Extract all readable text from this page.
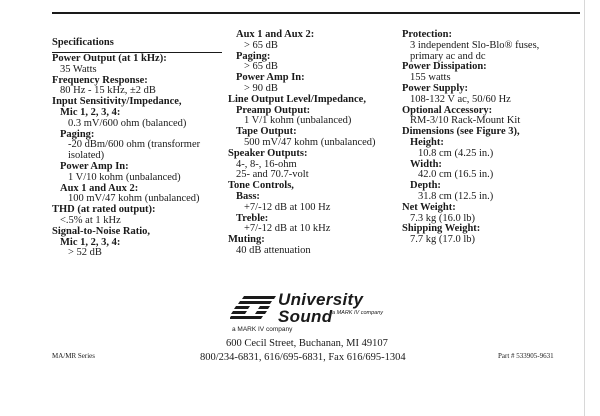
Specifications
Power Output (at 1 kHz):
35 Watts
Frequency Response:
80 Hz - 15 kHz, ±2 dB
Input Sensitivity/Impedance,
Mic 1, 2, 3, 4:
0.3 mV/600 ohm (balanced)
Paging:
-20 dBm/600 ohm (transformer
isolated)
Power Amp In:
1 V/10 kohm (unbalanced)
Aux 1 and Aux 2:
100 mV/47 kohm (unbalanced)
THD (at rated output):
<.5% at 1 kHz
Signal-to-Noise Ratio,
Mic 1, 2, 3, 4:
> 52 dB
Aux 1 and Aux 2:
> 65 dB
Paging:
> 65 dB
Power Amp In:
> 90 dB
Line Output Level/Impedance,
Preamp Output:
1 V/1 kohm (unbalanced)
Tape Output:
500 mV/47 kohm (unbalanced)
Speaker Outputs:
4-, 8-, 16-ohm
25- and 70.7-volt
Tone Controls,
Bass:
+7/-12 dB at 100 Hz
Treble:
+7/-12 dB at 10 kHz
Muting:
40 dB attenuation
Protection:
3 independent Slo-Blo® fuses,
primary ac and dc
Power Dissipation:
155 watts
Power Supply:
108-132 V ac, 50/60 Hz
Optional Accessory:
RM-3/10 Rack-Mount Kit
Dimensions (see Figure 3),
Height:
10.8 cm (4.25 in.)
Width:
42.0 cm (16.5 in.)
Depth:
31.8 cm (12.5 in.)
Net Weight:
7.3 kg (16.0 lb)
Shipping Weight:
7.7 kg (17.0 lb)
University
Sound a MARK IV company
a MARK IV company
600 Cecil Street, Buchanan, MI 49107
800/234-6831, 616/695-6831, Fax 616/695-1304
MA/MR Series	Part # 533905-9631
